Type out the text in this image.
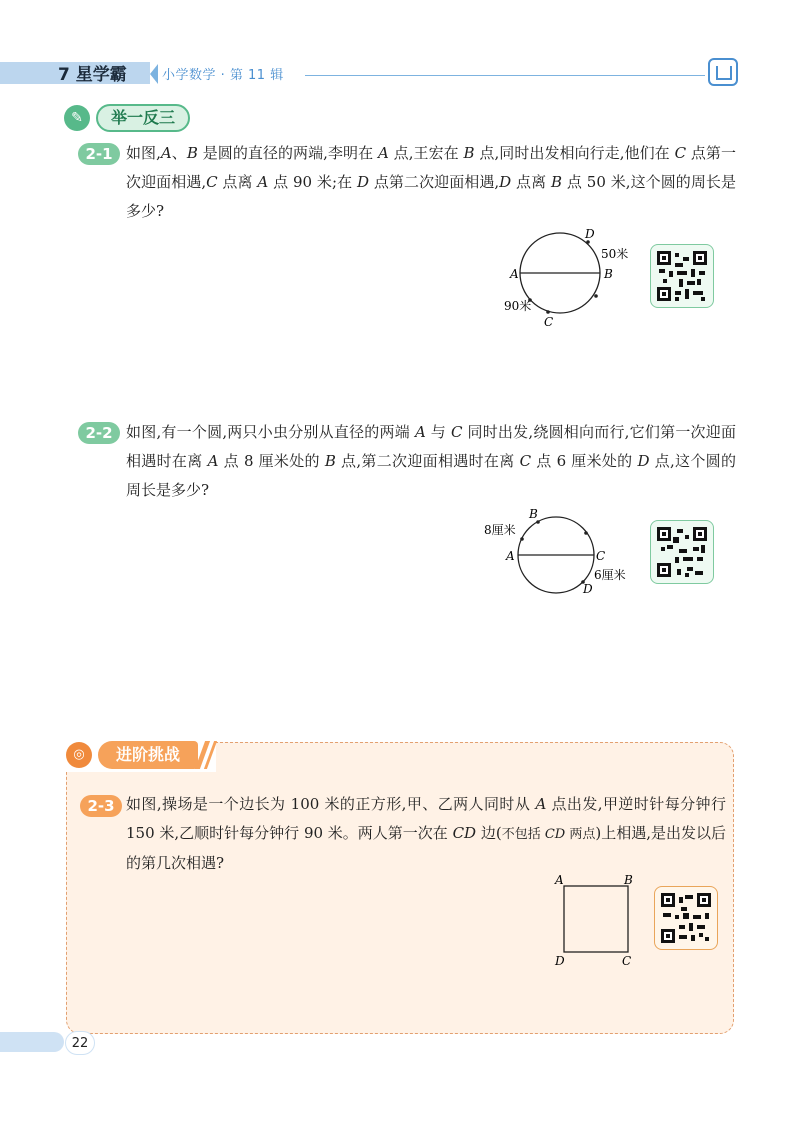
7 星学霸	小学数学 · 第 11 辑
✎	举一反三
2-1 如图,A、B 是圆的直径的两端,李明在 A 点,王宏在 B 点,同时出发相向行走,他们在 C 点第一次迎面相遇,C 点离 A 点 90 米;在 D 点第二次迎面相遇,D 点离 B 点 50 米,这个圆的周长是多少?
D
50米
B
A
90米
C
2-2 如图,有一个圆,两只小虫分别从直径的两端 A 与 C 同时出发,绕圆相向而行,它们第一次迎面相遇时在离 A 点 8 厘米处的 B 点,第二次迎面相遇时在离 C 点 6 厘米处的 D 点,这个圆的周长是多少?
B
8厘米
A	C
6厘米
D
◎	进阶挑战
2-3 如图,操场是一个边长为 100 米的正方形,甲、乙两人同时从 A 点出发,甲逆时针每分钟行 150 米,乙顺时针每分钟行 90 米。两人第一次在 CD 边(不包括 CD 两点)上相遇,是出发以后的第几次相遇?
A	B
D	C
22
